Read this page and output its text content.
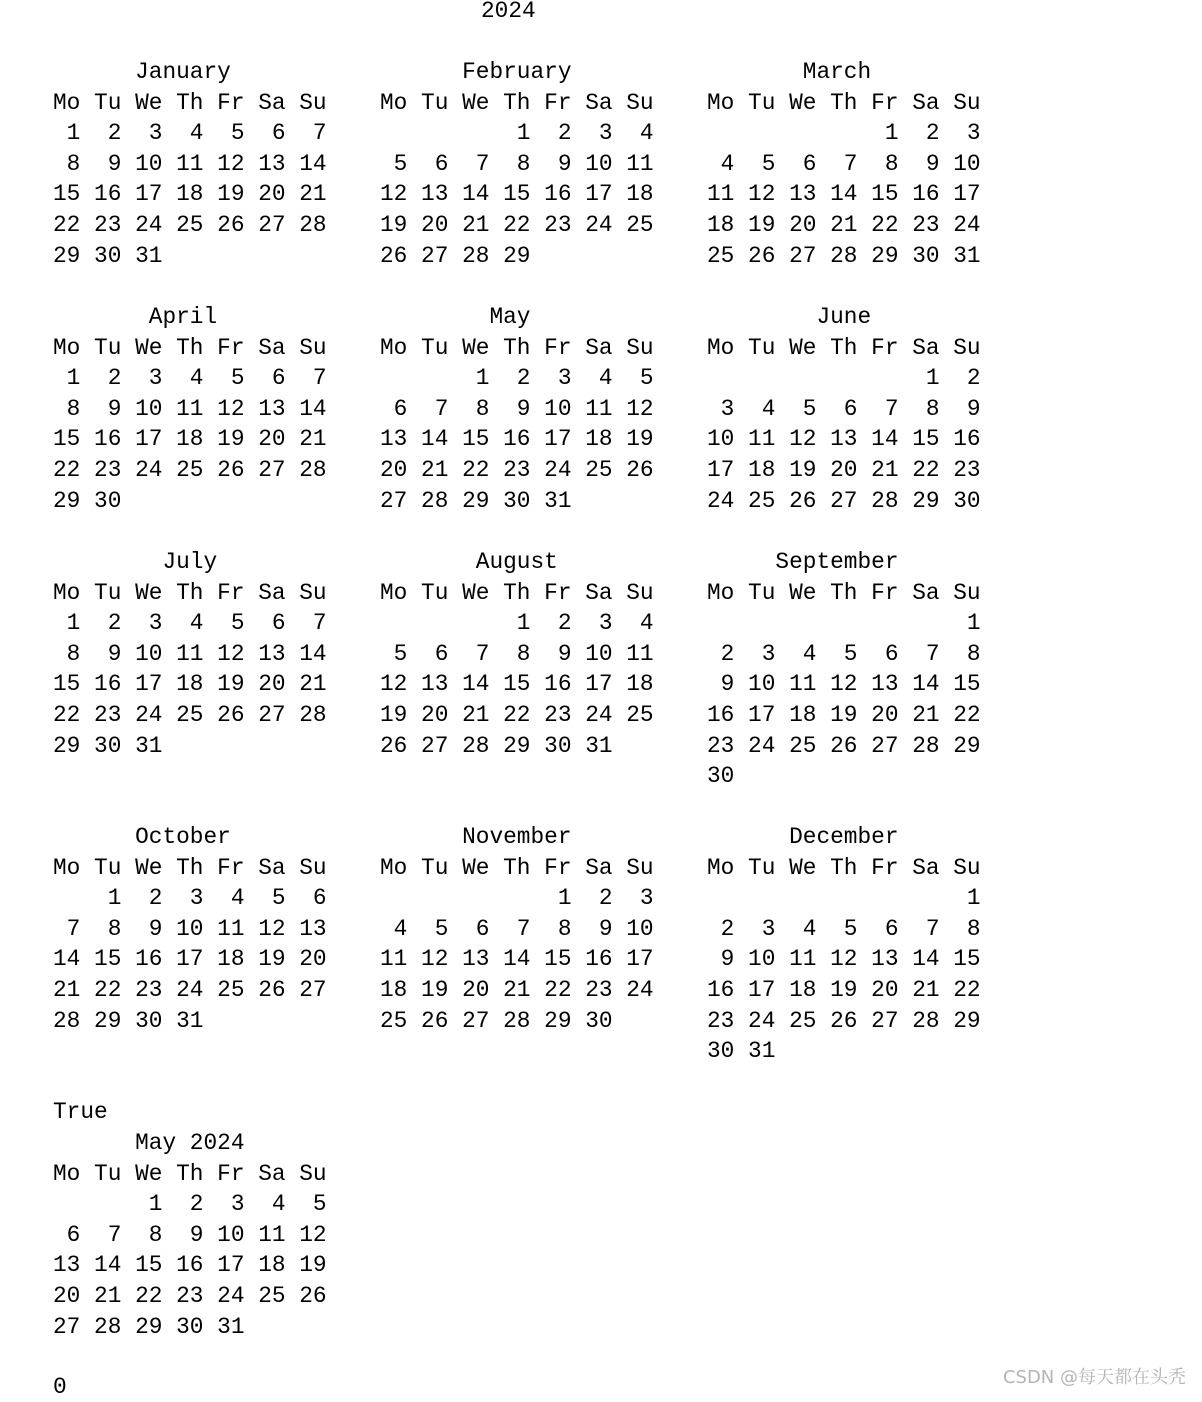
2024
January
Mo Tu We Th Fr Sa Su
1  2  3  4  5  6  7
8  9 10 11 12 13 14
15 16 17 18 19 20 21
22 23 24 25 26 27 28
29 30 31
February
Mo Tu We Th Fr Sa Su
1  2  3  4
5  6  7  8  9 10 11
12 13 14 15 16 17 18
19 20 21 22 23 24 25
26 27 28 29
March
Mo Tu We Th Fr Sa Su
1  2  3
4  5  6  7  8  9 10
11 12 13 14 15 16 17
18 19 20 21 22 23 24
25 26 27 28 29 30 31
April
Mo Tu We Th Fr Sa Su
1  2  3  4  5  6  7
8  9 10 11 12 13 14
15 16 17 18 19 20 21
22 23 24 25 26 27 28
29 30
May
Mo Tu We Th Fr Sa Su
1  2  3  4  5
6  7  8  9 10 11 12
13 14 15 16 17 18 19
20 21 22 23 24 25 26
27 28 29 30 31
June
Mo Tu We Th Fr Sa Su
1  2
3  4  5  6  7  8  9
10 11 12 13 14 15 16
17 18 19 20 21 22 23
24 25 26 27 28 29 30
July
Mo Tu We Th Fr Sa Su
1  2  3  4  5  6  7
8  9 10 11 12 13 14
15 16 17 18 19 20 21
22 23 24 25 26 27 28
29 30 31
August
Mo Tu We Th Fr Sa Su
1  2  3  4
5  6  7  8  9 10 11
12 13 14 15 16 17 18
19 20 21 22 23 24 25
26 27 28 29 30 31
September
Mo Tu We Th Fr Sa Su
1
2  3  4  5  6  7  8
9 10 11 12 13 14 15
16 17 18 19 20 21 22
23 24 25 26 27 28 29
30
October
Mo Tu We Th Fr Sa Su
1  2  3  4  5  6
7  8  9 10 11 12 13
14 15 16 17 18 19 20
21 22 23 24 25 26 27
28 29 30 31
November
Mo Tu We Th Fr Sa Su
1  2  3
4  5  6  7  8  9 10
11 12 13 14 15 16 17
18 19 20 21 22 23 24
25 26 27 28 29 30
December
Mo Tu We Th Fr Sa Su
1
2  3  4  5  6  7  8
9 10 11 12 13 14 15
16 17 18 19 20 21 22
23 24 25 26 27 28 29
30 31
True
May 2024
Mo Tu We Th Fr Sa Su
1  2  3  4  5
6  7  8  9 10 11 12
13 14 15 16 17 18 19
20 21 22 23 24 25 26
27 28 29 30 31
0	CSDN @每天都在头秃
